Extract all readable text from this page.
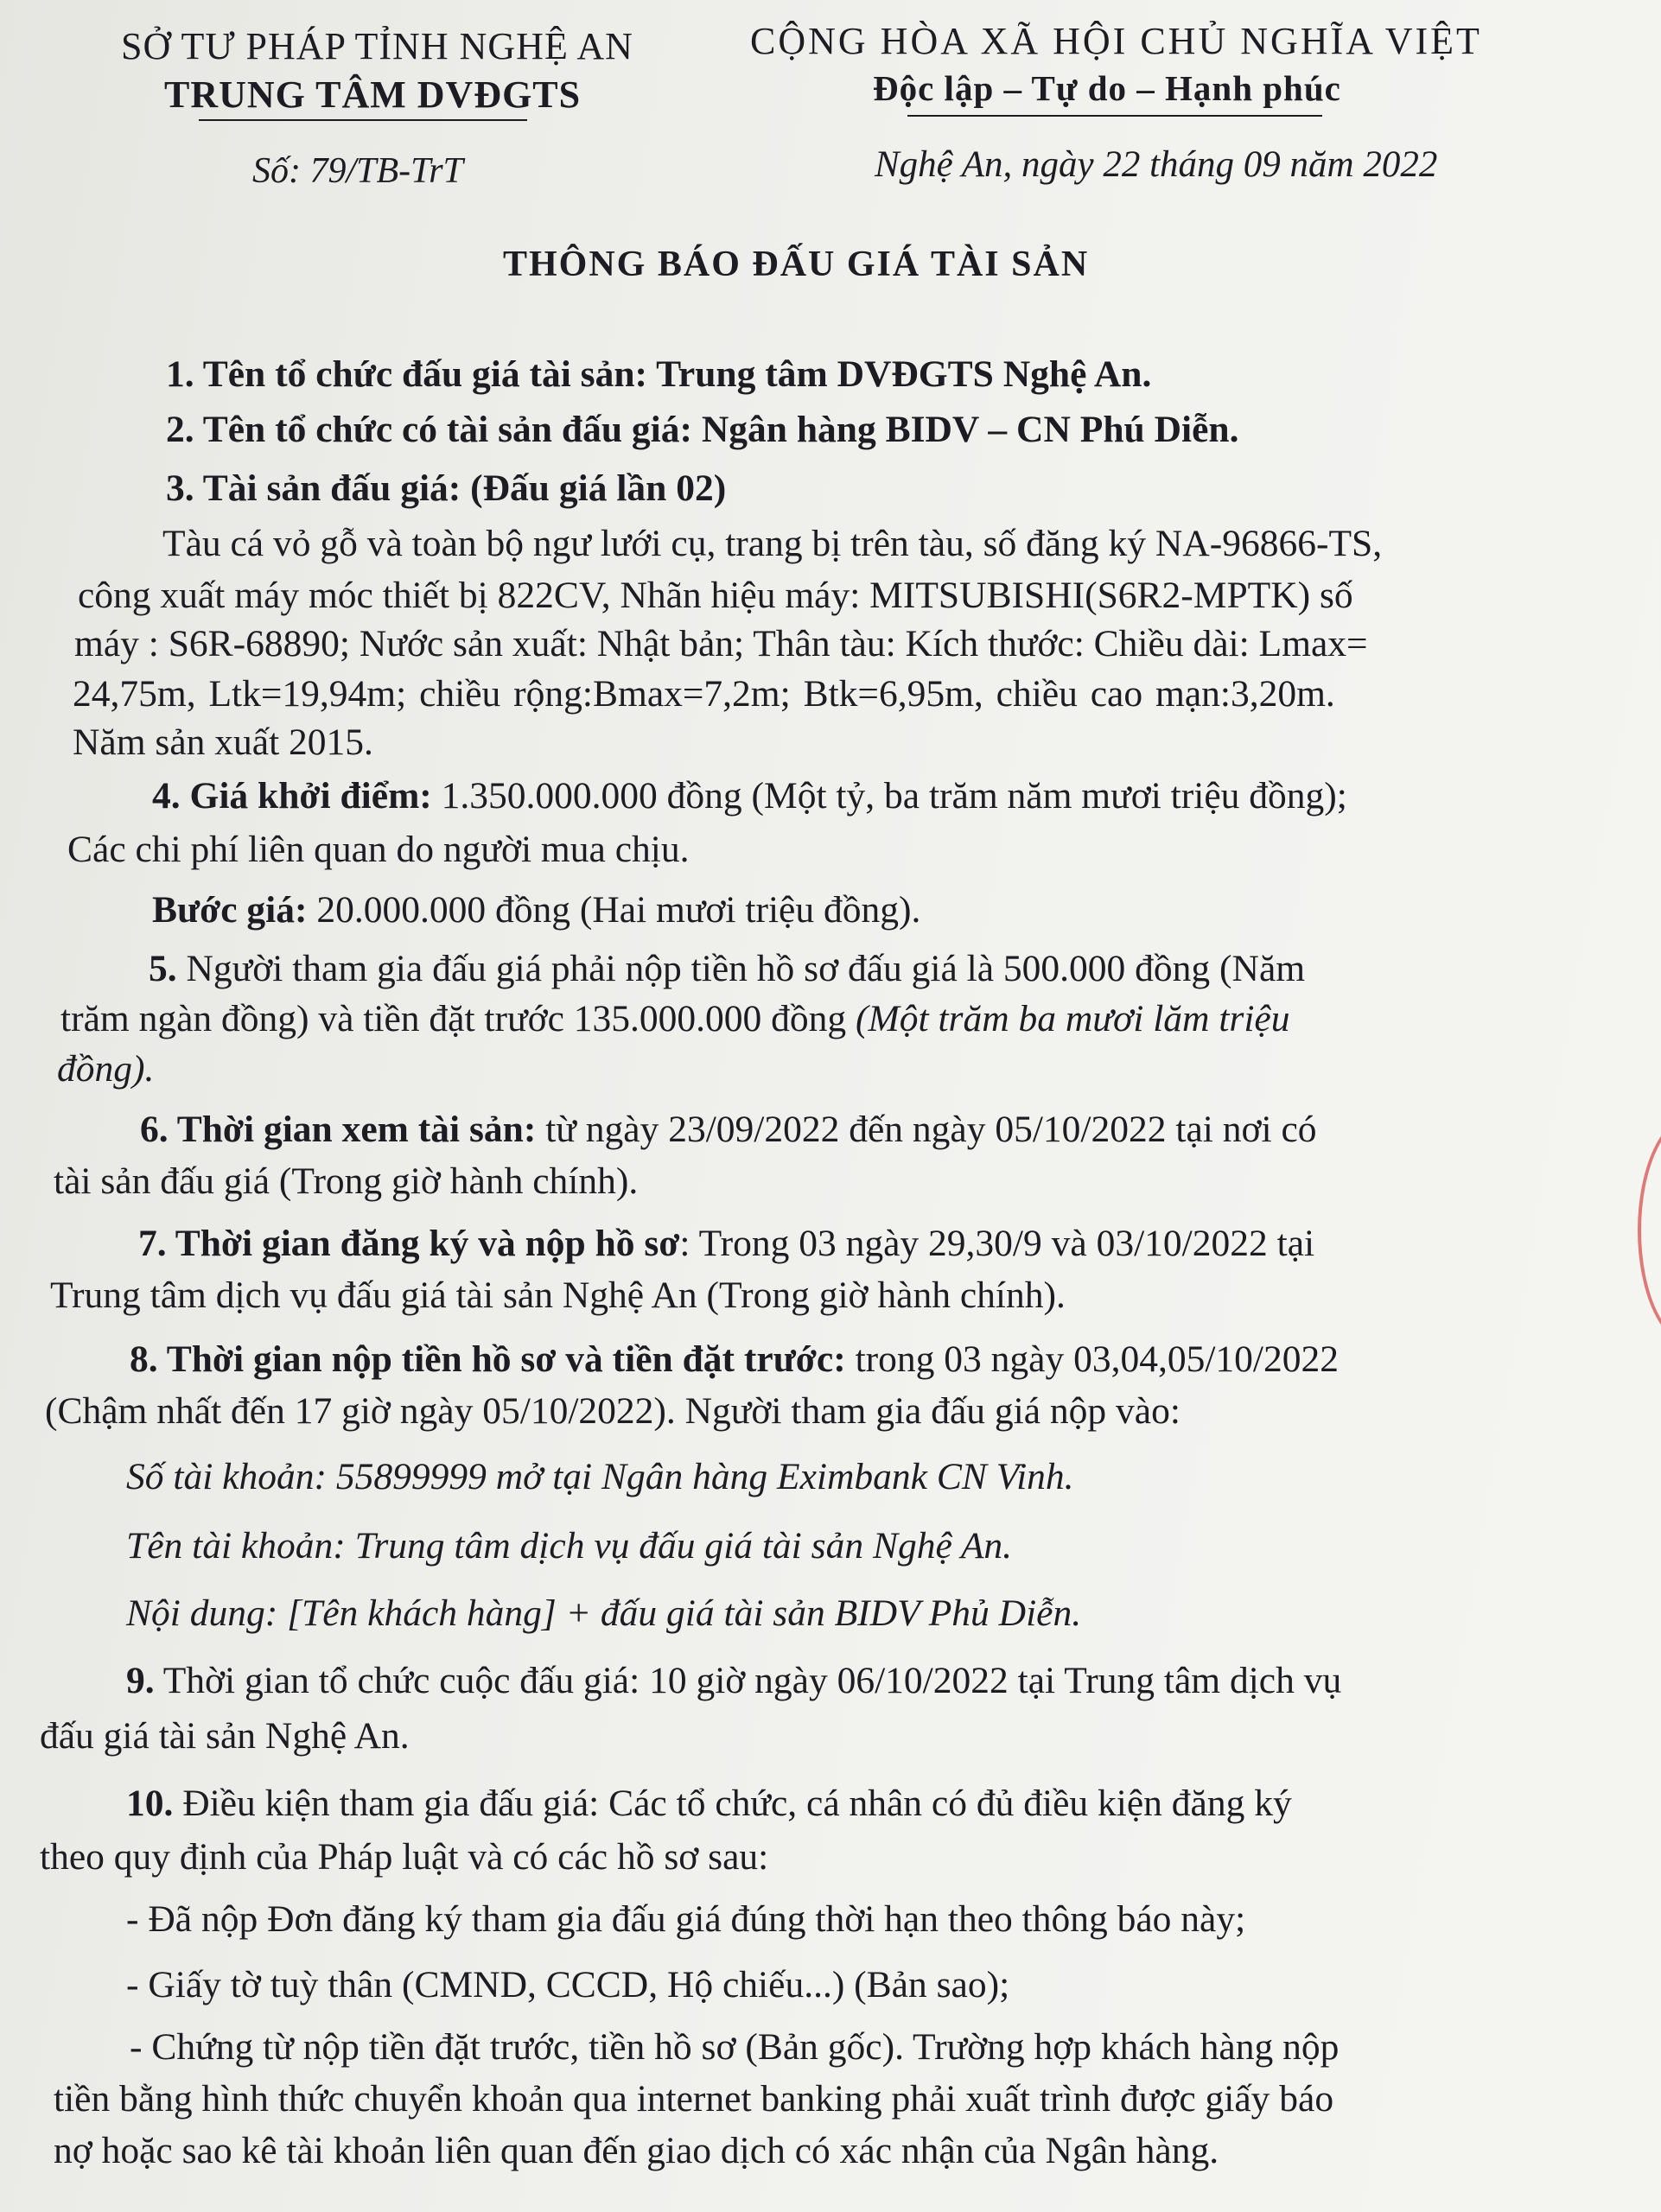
SỞ TƯ PHÁP TỈNH NGHỆ AN
TRUNG TÂM DVĐGTS
CỘNG HÒA XÃ HỘI CHỦ NGHĨA VIỆT
Độc lập – Tự do – Hạnh phúc
Số: 79/TB-TrT	Nghệ An, ngày 22 tháng 09 năm 2022
THÔNG BÁO ĐẤU GIÁ TÀI SẢN
1. Tên tổ chức đấu giá tài sản: Trung tâm DVĐGTS Nghệ An.
2. Tên tổ chức có tài sản đấu giá: Ngân hàng BIDV – CN Phú Diễn.
3. Tài sản đấu giá: (Đấu giá lần 02)
Tàu cá vỏ gỗ và toàn bộ ngư lưới cụ, trang bị trên tàu, số đăng ký NA-96866-TS,
công xuất máy móc thiết bị 822CV, Nhãn hiệu máy: MITSUBISHI(S6R2-MPTK) số
máy : S6R-68890; Nước sản xuất: Nhật bản; Thân tàu: Kích thước: Chiều dài: Lmax=
24,75m, Ltk=19,94m; chiều rộng:Bmax=7,2m; Btk=6,95m, chiều cao mạn:3,20m.
Năm sản xuất 2015.
4. Giá khởi điểm: 1.350.000.000 đồng (Một tỷ, ba trăm năm mươi triệu đồng);
Các chi phí liên quan do người mua chịu.
Bước giá: 20.000.000 đồng (Hai mươi triệu đồng).
5. Người tham gia đấu giá phải nộp tiền hồ sơ đấu giá là 500.000 đồng (Năm
trăm ngàn đồng) và tiền đặt trước 135.000.000 đồng (Một trăm ba mươi lăm triệu
đồng).
6. Thời gian xem tài sản: từ ngày 23/09/2022 đến ngày 05/10/2022 tại nơi có
tài sản đấu giá (Trong giờ hành chính).
7. Thời gian đăng ký và nộp hồ sơ: Trong 03 ngày 29,30/9 và 03/10/2022 tại
Trung tâm dịch vụ đấu giá tài sản Nghệ An (Trong giờ hành chính).
8. Thời gian nộp tiền hồ sơ và tiền đặt trước: trong 03 ngày 03,04,05/10/2022
(Chậm nhất đến 17 giờ ngày 05/10/2022). Người tham gia đấu giá nộp vào:
Số tài khoản: 55899999 mở tại Ngân hàng Eximbank CN Vinh.
Tên tài khoản: Trung tâm dịch vụ đấu giá tài sản Nghệ An.
Nội dung: [Tên khách hàng] + đấu giá tài sản BIDV Phủ Diễn.
9. Thời gian tổ chức cuộc đấu giá: 10 giờ ngày 06/10/2022 tại Trung tâm dịch vụ
đấu giá tài sản Nghệ An.
10. Điều kiện tham gia đấu giá: Các tổ chức, cá nhân có đủ điều kiện đăng ký
theo quy định của Pháp luật và có các hồ sơ sau:
- Đã nộp Đơn đăng ký tham gia đấu giá đúng thời hạn theo thông báo này;
- Giấy tờ tuỳ thân (CMND, CCCD, Hộ chiếu...) (Bản sao);
- Chứng từ nộp tiền đặt trước, tiền hồ sơ (Bản gốc). Trường hợp khách hàng nộp
tiền bằng hình thức chuyển khoản qua internet banking phải xuất trình được giấy báo
nợ hoặc sao kê tài khoản liên quan đến giao dịch có xác nhận của Ngân hàng.
